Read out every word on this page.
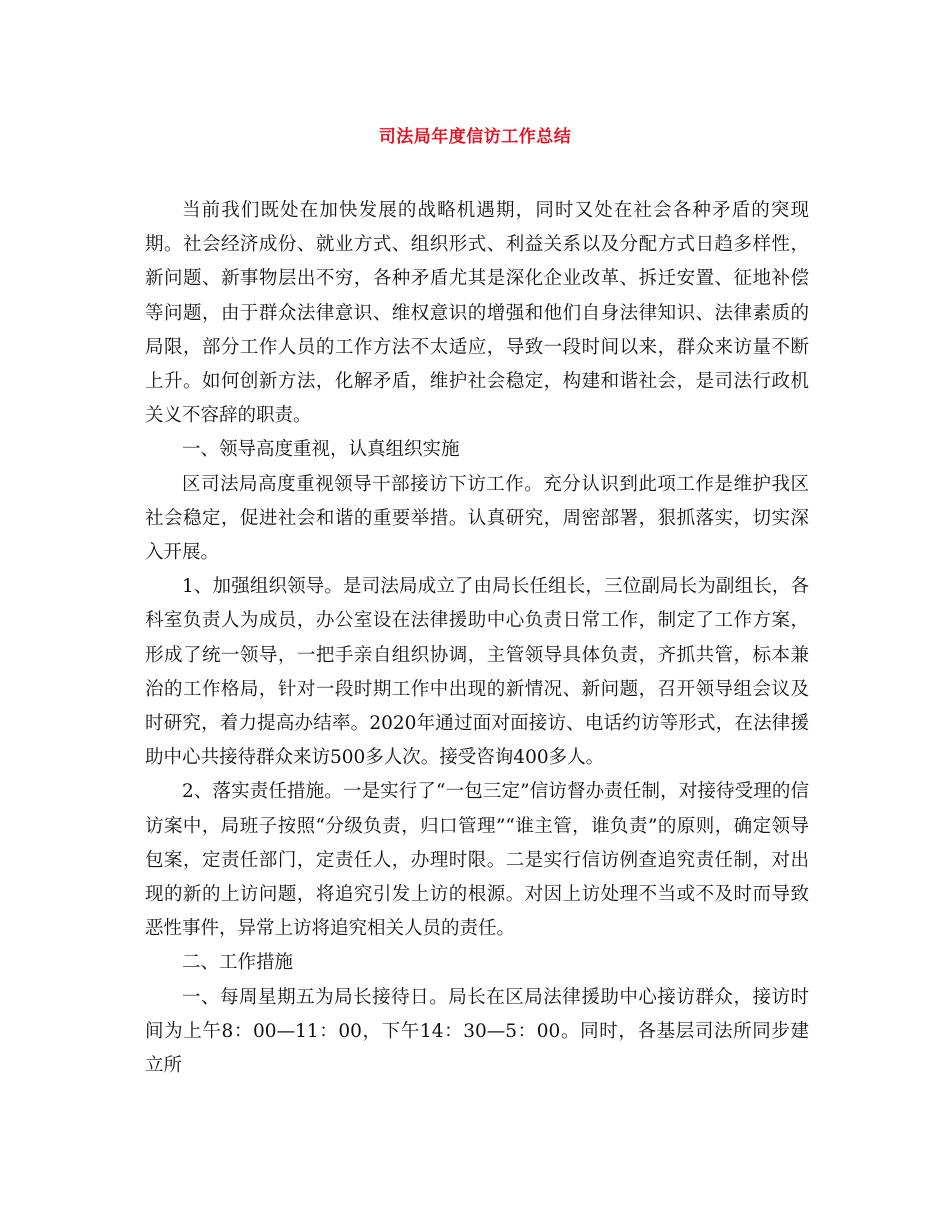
司法局年度信访工作总结

当前我们既处在加快发展的战略机遇期，同时又处在社会各种矛盾的突现期。社会经济成份、就业方式、组织形式、利益关系以及分配方式日趋多样性，新问题、新事物层出不穷，各种矛盾尤其是深化企业改革、拆迁安置、征地补偿等问题，由于群众法律意识、维权意识的增强和他们自身法律知识、法律素质的局限，部分工作人员的工作方法不太适应，导致一段时间以来，群众来访量不断上升。如何创新方法，化解矛盾，维护社会稳定，构建和谐社会，是司法行政机关义不容辞的职责。

一、领导高度重视，认真组织实施

区司法局高度重视领导干部接访下访工作。充分认识到此项工作是维护我区社会稳定，促进社会和谐的重要举措。认真研究，周密部署，狠抓落实，切实深入开展。

1、加强组织领导。是司法局成立了由局长任组长，三位副局长为副组长，各科室负责人为成员，办公室设在法律援助中心负责日常工作，制定了工作方案，形成了统一领导，一把手亲自组织协调，主管领导具体负责，齐抓共管，标本兼治的工作格局，针对一段时期工作中出现的新情况、新问题，召开领导组会议及时研究，着力提高办结率。2020年通过面对面接访、电话约访等形式，在法律援助中心共接待群众来访500多人次。接受咨询400多人。

2、落实责任措施。一是实行了“一包三定”信访督办责任制，对接待受理的信访案中，局班子按照“分级负责，归口管理”“谁主管，谁负责”的原则，确定领导包案，定责任部门，定责任人，办理时限。二是实行信访例查追究责任制，对出现的新的上访问题，将追究引发上访的根源。对因上访处理不当或不及时而导致恶性事件，异常上访将追究相关人员的责任。

二、工作措施

一、每周星期五为局长接待日。局长在区局法律援助中心接访群众，接访时间为上午8：00—11：00，下午14：30—5：00。同时，各基层司法所同步建立所
